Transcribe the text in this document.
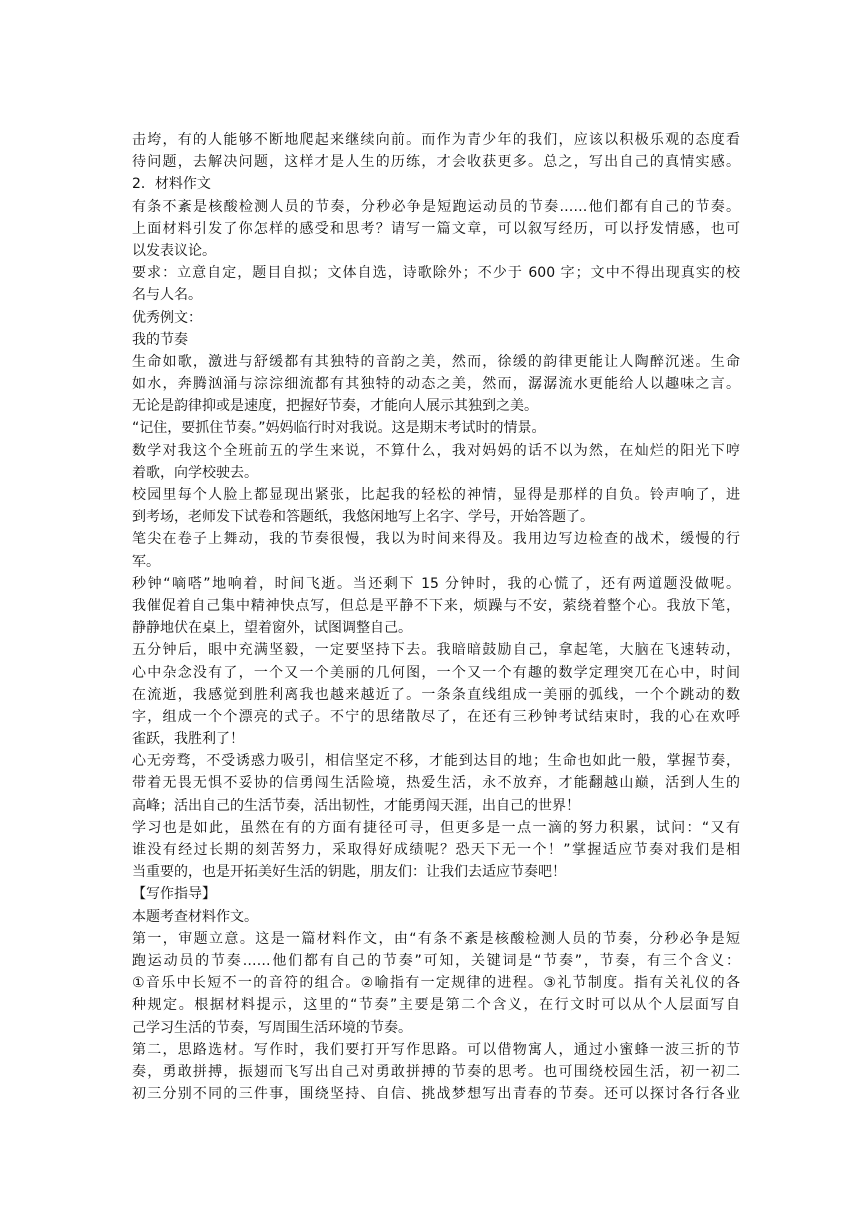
击垮，有的人能够不断地爬起来继续向前。而作为青少年的我们，应该以积极乐观的态度看
待问题，去解决问题，这样才是人生的历练，才会收获更多。总之，写出自己的真情实感。
2．材料作文
有条不紊是核酸检测人员的节奏，分秒必争是短跑运动员的节奏……他们都有自己的节奏。
上面材料引发了你怎样的感受和思考？请写一篇文章，可以叙写经历，可以抒发情感，也可
以发表议论。
要求：立意自定，题目自拟；文体自选，诗歌除外；不少于 600 字；文中不得出现真实的校
名与人名。
优秀例文：
我的节奏
生命如歌，激进与舒缓都有其独特的音韵之美，然而，徐缓的韵律更能让人陶醉沉迷。生命
如水，奔腾汹涌与淙淙细流都有其独特的动态之美，然而，潺潺流水更能给人以趣味之言。
无论是韵律抑或是速度，把握好节奏，才能向人展示其独到之美。
“记住，要抓住节奏。”妈妈临行时对我说。这是期末考试时的情景。
数学对我这个全班前五的学生来说，不算什么，我对妈妈的话不以为然，在灿烂的阳光下哼
着歌，向学校驶去。
校园里每个人脸上都显现出紧张，比起我的轻松的神情，显得是那样的自负。铃声响了，进
到考场，老师发下试卷和答题纸，我悠闲地写上名字、学号，开始答题了。
笔尖在卷子上舞动，我的节奏很慢，我以为时间来得及。我用边写边检查的战术，缓慢的行
军。
秒钟“嘀嗒”地响着，时间飞逝。当还剩下 15 分钟时，我的心慌了，还有两道题没做呢。
我催促着自己集中精神快点写，但总是平静不下来，烦躁与不安，萦绕着整个心。我放下笔，
静静地伏在桌上，望着窗外，试图调整自己。
五分钟后，眼中充满坚毅，一定要坚持下去。我暗暗鼓励自己，拿起笔，大脑在飞速转动，
心中杂念没有了，一个又一个美丽的几何图，一个又一个有趣的数学定理突兀在心中，时间
在流逝，我感觉到胜利离我也越来越近了。一条条直线组成一美丽的弧线，一个个跳动的数
字，组成一个个漂亮的式子。不宁的思绪散尽了，在还有三秒钟考试结束时，我的心在欢呼
雀跃，我胜利了！
心无旁骛，不受诱惑力吸引，相信坚定不移，才能到达目的地；生命也如此一般，掌握节奏，
带着无畏无惧不妥协的信勇闯生活险境，热爱生活，永不放弃，才能翻越山巅，活到人生的
高峰；活出自己的生活节奏，活出韧性，才能勇闯天涯，出自己的世界！
学习也是如此，虽然在有的方面有捷径可寻，但更多是一点一滴的努力积累，试问：“又有
谁没有经过长期的刻苦努力，采取得好成绩呢？恐天下无一个！”掌握适应节奏对我们是相
当重要的，也是开拓美好生活的钥匙，朋友们：让我们去适应节奏吧！
【写作指导】
本题考查材料作文。
第一，审题立意。这是一篇材料作文，由“有条不紊是核酸检测人员的节奏，分秒必争是短
跑运动员的节奏……他们都有自己的节奏”可知，关键词是“节奏”，节奏，有三个含义：
①音乐中长短不一的音符的组合。②喻指有一定规律的进程。③礼节制度。指有关礼仪的各
种规定。根据材料提示，这里的“节奏”主要是第二个含义，在行文时可以从个人层面写自
己学习生活的节奏，写周围生活环境的节奏。
第二，思路选材。写作时，我们要打开写作思路。可以借物寓人，通过小蜜蜂一波三折的节
奏，勇敢拼搏，振翅而飞写出自己对勇敢拼搏的节奏的思考。也可围绕校园生活，初一初二
初三分别不同的三件事，围绕坚持、自信、挑战梦想写出青春的节奏。还可以探讨各行各业
